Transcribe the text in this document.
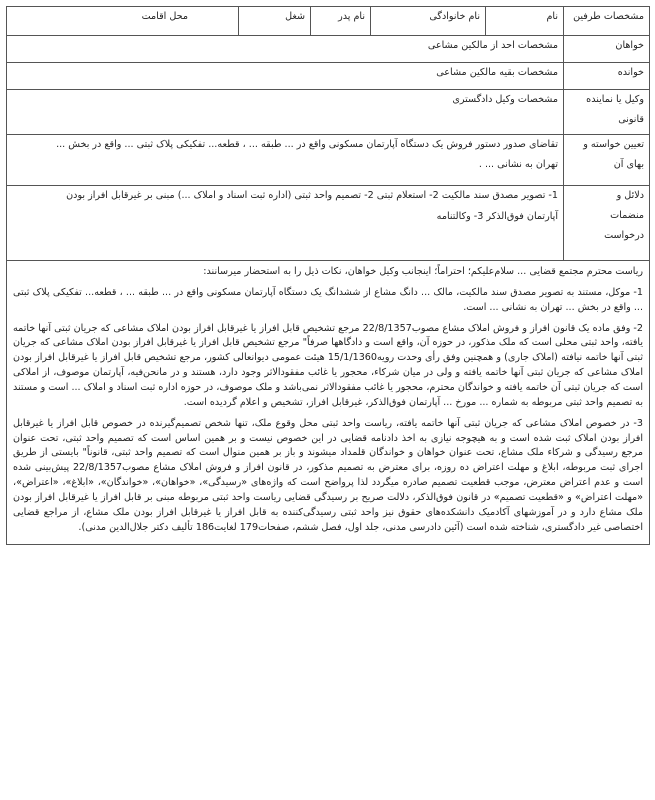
مشخصات طرفین	نام	نام خانوادگی	نام پدر	شغل	محل اقامت
خواهان	مشخصات احد از مالکین مشاعی				
خوانده	مشخصات بقیه مالکین مشاعی				

وکیل یا نماینده
قانونی	مشخصات وکیل دادگستری				

تعیین خواسته و
بهای آن	تقاضای صدور دستور فروش یک دستگاه آپارتمان مسکونی واقع در ... طبقه ... ، قطعه... تفکیکی پلاک ثبتی ... واقع در بخش ...
تهران به نشانی ... .				

دلائل و
منضمات
درخواست	1- تصویر مصدق سند مالکیت 2- استعلام ثبتی 2- تصمیم واحد ثبتی (اداره ثبت اسناد و املاک ...) مبنی بر غیرقابل افراز بودن
آپارتمان فوق‌الذکر 3- وکالتنامه				

ریاست محترم مجتمع قضایی ... سلام‌علیکم؛ احتراماً؛ اینجانب وکیل خواهان، نکات ذیل را به استحضار میرسانند:

1- موکل، مستند به تصویر مصدق سند مالکیت، مالک ... دانگ مشاع از ششدانگ یک دستگاه آپارتمان مسکونی واقع در ... طبقه ... ، قطعه... تفکیکی پلاک ثبتی ... واقع در بخش ... تهران به نشانی ... است.

2- وفق ماده یک قانون افراز و فروش املاک مشاع مصوب22/8/1357 مرجع تشخیص قابل افراز یا غیرقابل افراز بودن املاک مشاعی که جریان ثبتی آنها خاتمه یافته، واحد ثبتی محلی است که ملک مذکور، در حوزه آن، واقع است و دادگاهها صرفاً" مرجع تشخیص قابل افراز یا غیرقابل افراز بودن املاک مشاعی که جریان ثبتی آنها خاتمه نیافته (املاک جاری) و همچنین وفق رأی وحدت رویه15/1/1360 هیئت عمومی دیوانعالی کشور، مرجع تشخیص قابل افراز یا غیرقابل افراز بودن املاک مشاعی که جریان ثبتی آنها خاتمه یافته و ولی در میان شرکاء، محجور یا غائب مفقودالاثر وجود دارد، هستند و در مانحن‌فیه، آپارتمان موصوف، از املاکی است که جریان ثبتی آن خاتمه یافته و خواندگان محترم، محجور یا غائب مفقودالاثر نمی‌باشد و ملک موصوف، در حوزه اداره ثبت اسناد و املاک ... است و مستند به تصمیم واحد ثبتی مربوطه به شماره ... مورخ ... آپارتمان فوق‌الذکر، غیرقابل افراز، تشخیص و اعلام گردیده است.

3- در خصوص املاک مشاعی که جریان ثبتی آنها خاتمه یافته، ریاست واحد ثبتی محل وقوع ملک، تنها شخص تصمیم‌گیرنده در خصوص قابل افراز یا غیرقابل افراز بودن املاک ثبت شده است و به هیچوجه نیازی به اخذ دادنامه قضایی در این خصوص نیست و بر همین اساس است که تصمیم واحد ثبتی، تحت عنوان مرجع رسیدگی و شرکاء ملک مشاع، تحت عنوان خواهان و خواندگان قلمداد میشوند و باز بر همین منوال است که تصمیم واحد ثبتی، قانوناً" بایستی از طریق اجرای ثبت مربوطه، ابلاغ و مهلت اعتراض ده روزه، برای معترض به تصمیم مذکور، در قانون افراز و فروش املاک مشاع مصوب22/8/1357 پیش‌بینی شده است و عدم اعتراض معترض، موجب قطعیت تصمیم صادره میگردد لذا پرواضح است که واژه‌های «رسیدگی»، «خواهان»، «خواندگان»، «ابلاغ»، «اعتراض»، «مهلت اعتراض» و «قطعیت تصمیم» در قانون فوق‌الذکر، دلالت صریح بر رسیدگی قضایی ریاست واحد ثبتی مربوطه مبنی بر قابل افراز یا غیرقابل افراز بودن ملک مشاع دارد و در آموزشهای آکادمیک دانشکده‌های حقوق نیز واحد ثبتی رسیدگی‌کننده به قابل افراز یا غیرقابل افراز بودن ملک مشاع، از مراجع قضایی اختصاصی غیر دادگستری، شناخته شده است (آئین دادرسی مدنی، جلد اول، فصل ششم، صفحات179 لغایت186 تألیف دکتر جلال‌الدین مدنی).					
